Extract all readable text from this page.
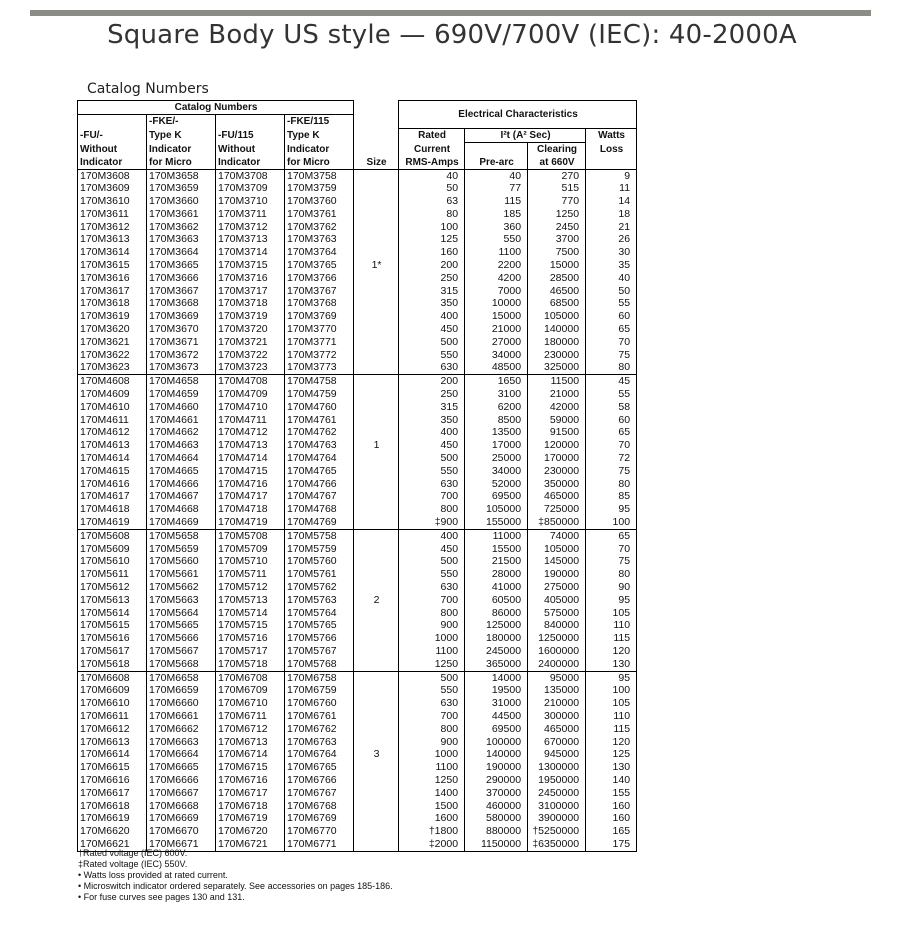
Square Body US style — 690V/700V (IEC): 40-2000A
Catalog Numbers
Catalog Numbers					Electrical Characteristics			
	-FKE/-		-FKE/115					
-FU/-	Type K	-FU/115	Type K		Rated	I²t (A² Sec)		Watts
Without	Indicator	Without	Indicator		Current		Clearing	Loss
Indicator	for Micro	Indicator	for Micro	Size	RMS-Amps	Pre-arc	at 660V	
170M3608	170M3658	170M3708	170M3758		40	40	270	9
170M3609	170M3659	170M3709	170M3759		50	77	515	11
170M3610	170M3660	170M3710	170M3760		63	115	770	14
170M3611	170M3661	170M3711	170M3761		80	185	1250	18
170M3612	170M3662	170M3712	170M3762		100	360	2450	21
170M3613	170M3663	170M3713	170M3763		125	550	3700	26
170M3614	170M3664	170M3714	170M3764		160	1100	7500	30
170M3615	170M3665	170M3715	170M3765	1*	200	2200	15000	35
170M3616	170M3666	170M3716	170M3766		250	4200	28500	40
170M3617	170M3667	170M3717	170M3767		315	7000	46500	50
170M3618	170M3668	170M3718	170M3768		350	10000	68500	55
170M3619	170M3669	170M3719	170M3769		400	15000	105000	60
170M3620	170M3670	170M3720	170M3770		450	21000	140000	65
170M3621	170M3671	170M3721	170M3771		500	27000	180000	70
170M3622	170M3672	170M3722	170M3772		550	34000	230000	75
170M3623	170M3673	170M3723	170M3773		630	48500	325000	80
170M4608	170M4658	170M4708	170M4758		200	1650	11500	45
170M4609	170M4659	170M4709	170M4759		250	3100	21000	55
170M4610	170M4660	170M4710	170M4760		315	6200	42000	58
170M4611	170M4661	170M4711	170M4761		350	8500	59000	60
170M4612	170M4662	170M4712	170M4762		400	13500	91500	65
170M4613	170M4663	170M4713	170M4763	1	450	17000	120000	70
170M4614	170M4664	170M4714	170M4764		500	25000	170000	72
170M4615	170M4665	170M4715	170M4765		550	34000	230000	75
170M4616	170M4666	170M4716	170M4766		630	52000	350000	80
170M4617	170M4667	170M4717	170M4767		700	69500	465000	85
170M4618	170M4668	170M4718	170M4768		800	105000	725000	95
170M4619	170M4669	170M4719	170M4769		‡900	155000	‡850000	100
170M5608	170M5658	170M5708	170M5758		400	11000	74000	65
170M5609	170M5659	170M5709	170M5759		450	15500	105000	70
170M5610	170M5660	170M5710	170M5760		500	21500	145000	75
170M5611	170M5661	170M5711	170M5761		550	28000	190000	80
170M5612	170M5662	170M5712	170M5762		630	41000	275000	90
170M5613	170M5663	170M5713	170M5763	2	700	60500	405000	95
170M5614	170M5664	170M5714	170M5764		800	86000	575000	105
170M5615	170M5665	170M5715	170M5765		900	125000	840000	110
170M5616	170M5666	170M5716	170M5766		1000	180000	1250000	115
170M5617	170M5667	170M5717	170M5767		1100	245000	1600000	120
170M5618	170M5668	170M5718	170M5768		1250	365000	2400000	130
170M6608	170M6658	170M6708	170M6758		500	14000	95000	95
170M6609	170M6659	170M6709	170M6759		550	19500	135000	100
170M6610	170M6660	170M6710	170M6760		630	31000	210000	105
170M6611	170M6661	170M6711	170M6761		700	44500	300000	110
170M6612	170M6662	170M6712	170M6762		800	69500	465000	115
170M6613	170M6663	170M6713	170M6763		900	100000	670000	120
170M6614	170M6664	170M6714	170M6764	3	1000	140000	945000	125
170M6615	170M6665	170M6715	170M6765		1100	190000	1300000	130
170M6616	170M6666	170M6716	170M6766		1250	290000	1950000	140
170M6617	170M6667	170M6717	170M6767		1400	370000	2450000	155
170M6618	170M6668	170M6718	170M6768		1500	460000	3100000	160
170M6619	170M6669	170M6719	170M6769		1600	580000	3900000	160
170M6620	170M6670	170M6720	170M6770		†1800	880000	†5250000	165
170M6621	170M6671	170M6721	170M6771		‡2000	1150000	‡6350000	175
†Rated voltage (IEC) 600V.
‡Rated voltage (IEC) 550V.
• Watts loss provided at rated current.
• Microswitch indicator ordered separately. See accessories on pages 185-186.
• For fuse curves see pages 130 and 131.
